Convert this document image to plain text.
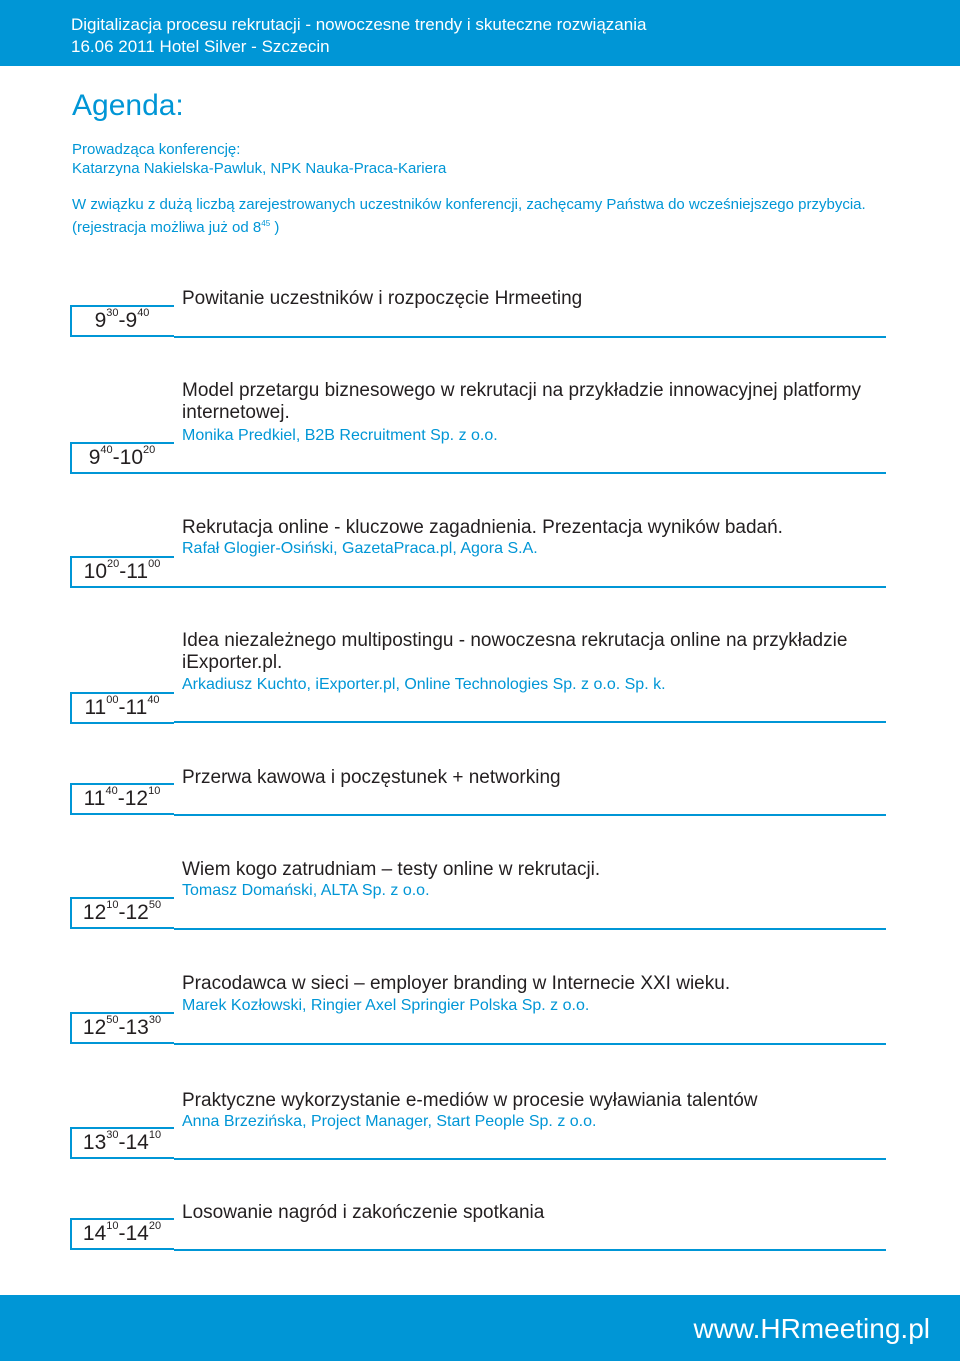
Digitalizacja procesu rekrutacji - nowoczesne trendy i skuteczne rozwiązania
16.06 2011 Hotel Silver - Szczecin
Agenda:
Prowadząca konferencję:
Katarzyna Nakielska-Pawluk, NPK Nauka-Praca-Kariera
W związku z dużą liczbą zarejestrowanych uczestników konferencji, zachęcamy Państwa do wcześniejszego przybycia. (rejestracja możliwa już od $8^{45}$ )
$9^{30}-9^{40}$
Powitanie uczestników i rozpoczęcie Hrmeeting
$9^{40}-10^{20}$
Model przetargu biznesowego w rekrutacji na przykładzie innowacyjnej platformy internetowej.
Monika Predkiel, B2B Recruitment Sp. z o.o.
$10^{20}-11^{00}$
Rekrutacja online - kluczowe zagadnienia. Prezentacja wyników badań.
Rafał Glogier-Osiński, GazetaPraca.pl, Agora S.A.
$11^{00}-11^{40}$
Idea niezależnego multipostingu - nowoczesna rekrutacja online na przykładzie iExporter.pl.
Arkadiusz Kuchto, iExporter.pl, Online Technologies Sp. z o.o. Sp. k.
$11^{40}-12^{10}$
Przerwa kawowa i poczęstunek + networking
$12^{10}-12^{50}$
Wiem kogo zatrudniam – testy online w rekrutacji.
Tomasz Domański, ALTA Sp. z o.o.
$12^{50}-13^{30}$
Pracodawca w sieci – employer branding w Internecie XXI wieku.
Marek Kozłowski, Ringier Axel Springier Polska Sp. z o.o.
$13^{30}-14^{10}$
Praktyczne wykorzystanie e-mediów w procesie wyławiania talentów
Anna Brzezińska, Project Manager, Start People Sp. z o.o.
$14^{10}-14^{20}$
Losowanie nagród i zakończenie spotkania
www.HRmeeting.pl
